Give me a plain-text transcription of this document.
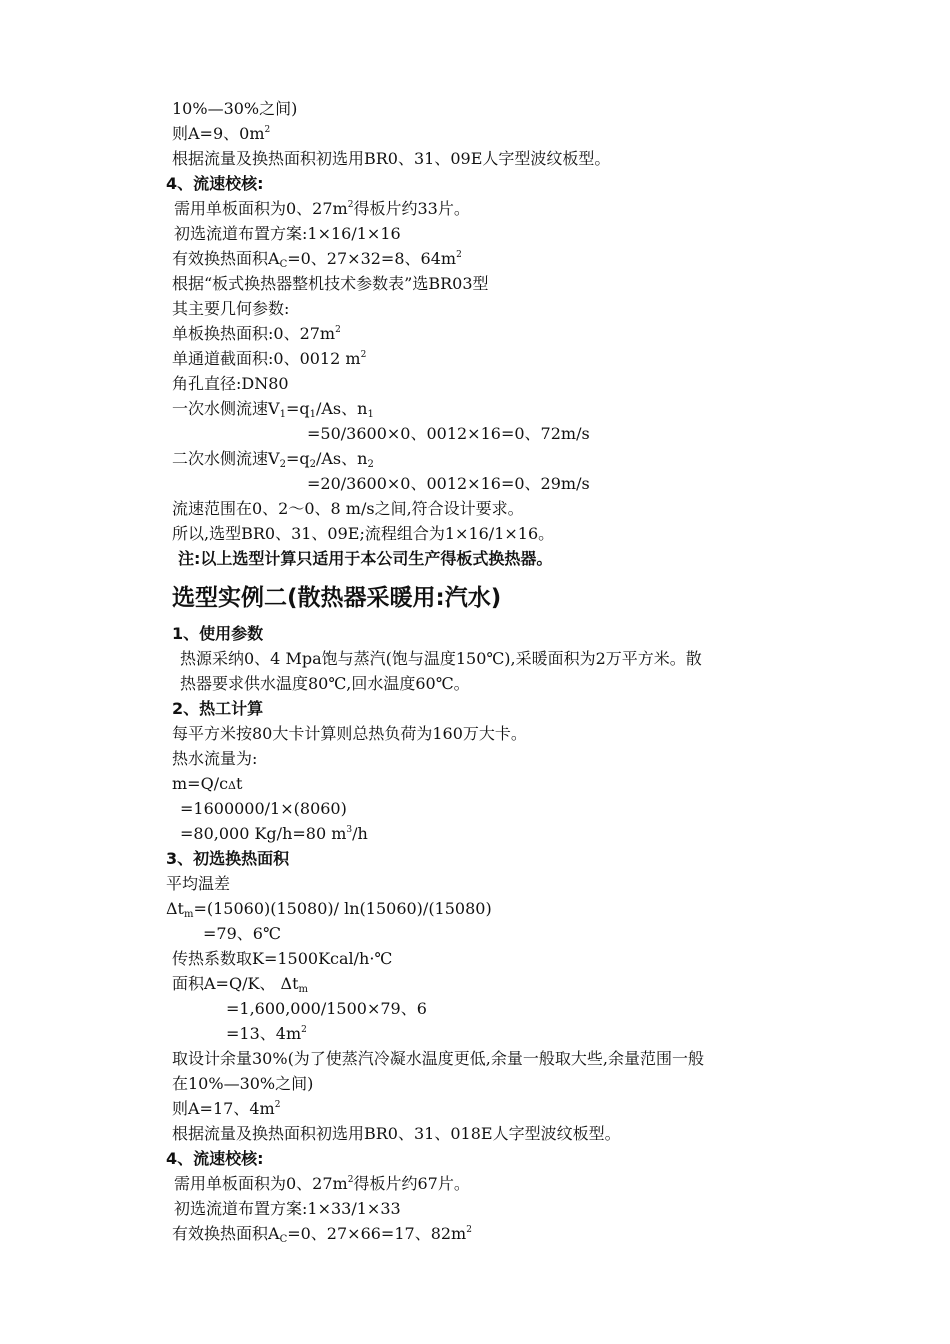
10%—30%之间)
则A=9、$0m^2$
根据流量及换热面积初选用BR0、31、09E人字型波纹板型。
4、流速校核:
需用单板面积为0、$27m^2$得板片约33片。
初选流道布置方案:1×16/1×16
有效换热面积$A_C=0$、27×32=8、$64m^2$
根据“板式换热器整机技术参数表”选BR03型
其主要几何参数:
单板换热面积:0、$27m^2$
单通道截面积:0、0012 $m^2$
角孔直径:DN80
一次水侧流速$V_1=q_1/As$、$n_1$
=50/3600×0、0012×16=0、72m/s
二次水侧流速$V_2=q_2/As$、$n_2$
=20/3600×0、0012×16=0、29m/s
流速范围在0、2～0、8 m/s之间,符合设计要求。
所以,选型BR0、31、09E;流程组合为1×16/1×16。
注:以上选型计算只适用于本公司生产得板式换热器。
选型实例二(散热器采暖用:汽水)
1、使用参数
热源采纳0、4 Mpa饱与蒸汽(饱与温度150℃),采暖面积为2万平方米。散
热器要求供水温度80℃,回水温度60℃。
2、热工计算
每平方米按80大卡计算则总热负荷为160万大卡。
热水流量为:
m=Q/cΔt
=1600000/1×(8060)
=80,000 Kg/h=80 $m^3/h$
3、初选换热面积
平均温差
$\Delta t_m=(15060)(15080)/$ ln(15060)/(15080)
=79、6℃
传热系数取K=1500Kcal/h·℃
面积A=Q/K、 $\Delta t_m$
=1,600,000/1500×79、6
=13、$4m^2$
取设计余量30%(为了使蒸汽冷凝水温度更低,余量一般取大些,余量范围一般
在10%—30%之间)
则A=17、$4m^2$
根据流量及换热面积初选用BR0、31、018E人字型波纹板型。
4、流速校核:
需用单板面积为0、$27m^2$得板片约67片。
初选流道布置方案:1×33/1×33
有效换热面积$A_C=0$、27×66=17、$82m^2$
